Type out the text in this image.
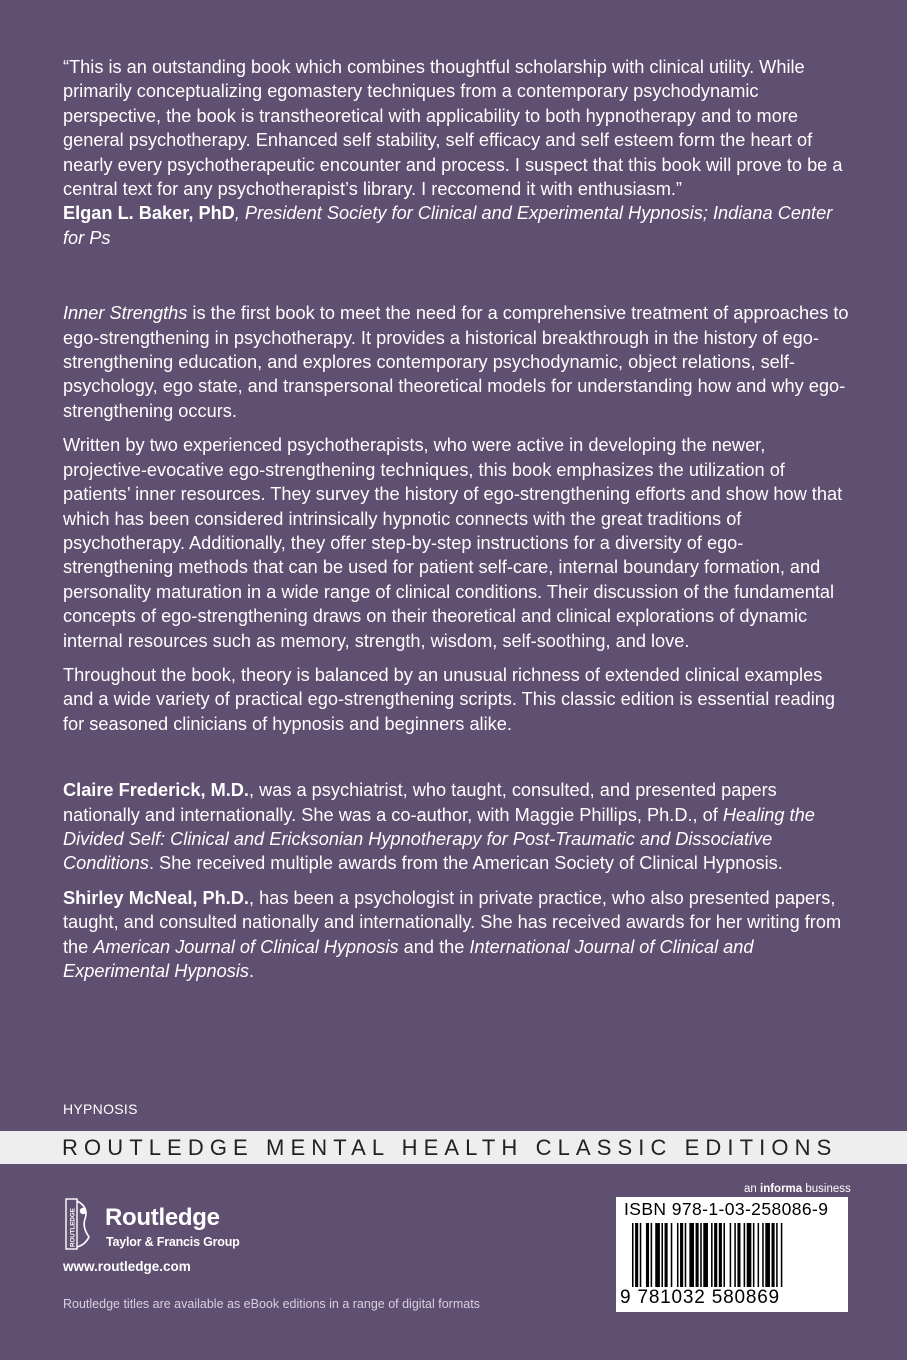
“This is an outstanding book which combines thoughtful scholarship with clinical utility. While primarily conceptualizing egomastery techniques from a contemporary psychodynamic perspective, the book is transtheoretical with applicability to both hypnotherapy and to more general psychotherapy. Enhanced self stability, self efficacy and self esteem form the heart of nearly every psychotherapeutic encounter and process. I suspect that this book will prove to be a central text for any psychotherapist’s library. I reccomend it with enthusiasm.”

Elgan L. Baker, PhD, President Society for Clinical and Experimental Hypnosis; Indiana Center for Ps

Inner Strengths is the first book to meet the need for a comprehensive treatment of approaches to ego-strengthening in psychotherapy. It provides a historical breakthrough in the history of ego-strengthening education, and explores contemporary psychodynamic, object relations, self-psychology, ego state, and transpersonal theoretical models for understanding how and why ego-strengthening occurs.

Written by two experienced psychotherapists, who were active in developing the newer, projective-evocative ego-strengthening techniques, this book emphasizes the utilization of patients’ inner resources. They survey the history of ego-strengthening efforts and show how that which has been considered intrinsically hypnotic connects with the great traditions of psychotherapy. Additionally, they offer step-by-step instructions for a diversity of ego-strengthening methods that can be used for patient self-care, internal boundary formation, and personality maturation in a wide range of clinical conditions. Their discussion of the fundamental concepts of ego-strengthening draws on their theoretical and clinical explorations of dynamic internal resources such as memory, strength, wisdom, self-soothing, and love.

Throughout the book, theory is balanced by an unusual richness of extended clinical examples and a wide variety of practical ego-strengthening scripts. This classic edition is essential reading for seasoned clinicians of hypnosis and beginners alike.

Claire Frederick, M.D., was a psychiatrist, who taught, consulted, and presented papers nationally and internationally. She was a co-author, with Maggie Phillips, Ph.D., of Healing the Divided Self: Clinical and Ericksonian Hypnotherapy for Post-Traumatic and Dissociative Conditions. She received multiple awards from the American Society of Clinical Hypnosis.

Shirley McNeal, Ph.D., has been a psychologist in private practice, who also presented papers, taught, and consulted nationally and internationally. She has received awards for her writing from the American Journal of Clinical Hypnosis and the International Journal of Clinical and Experimental Hypnosis.

HYPNOSIS
ROUTLEDGE MENTAL HEALTH CLASSIC EDITIONS
ROUTLEDGE Routledge
Taylor & Francis Group
www.routledge.com
Routledge titles are available as eBook editions in a range of digital formats
an informa business
ISBN 978-1-03-258086-9
9 781032 580869
